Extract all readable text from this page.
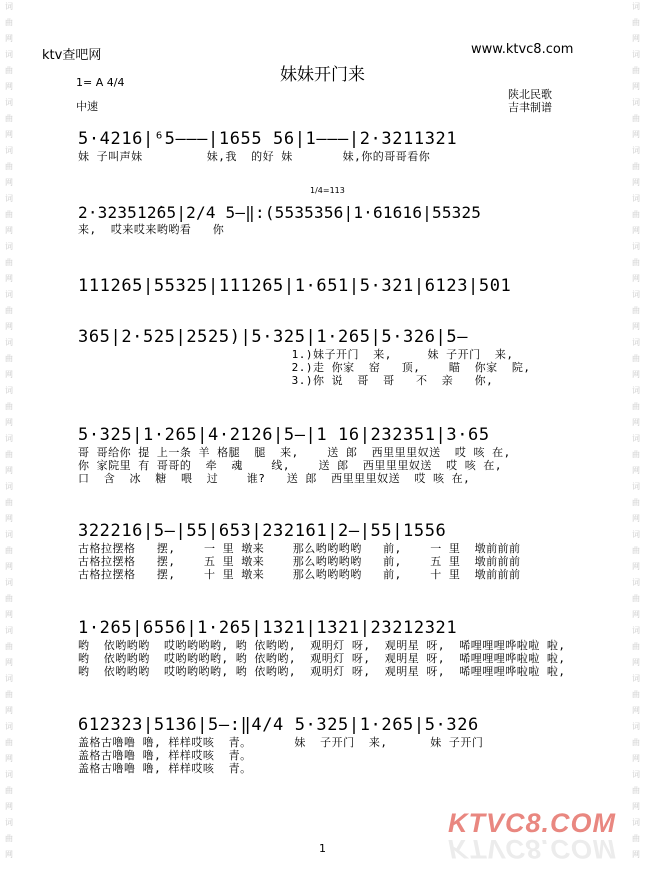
词
曲
网
词
曲
网
词
曲
网
词
曲
网
词
曲
网
词
曲
网
词
曲
网
词
曲
网
词
曲
网
词
曲
网
词
曲
网
词
曲
网
词
曲
网
词
曲
网
词
曲
网
词
曲
网
词
曲
网
词
曲
网
词
曲
网
词
曲
网
词
曲
网
词
曲
网
词
曲
网
词
曲
网
词
曲
网
词
曲
网
词
曲
网
词
曲
网
词
曲
网
词
曲
网
词
曲
网
词
曲
网
词
曲
网
词
曲
网
词
曲
网
词
曲
网
ktv查吧网	www.ktvc8.com
妹妹开门来
1= A 4/4
中速
陕北民歌
吉聿制谱
1/4=113
5·4216|⁶5———|1655 56|1———|2·3211321
妹 子叫声妹         妹,我  的好 妹       妹,你的哥哥看你
2·323512̇65|2/4 5—‖:(5535356|1·61616|55325
来,  哎来哎来哟哟看   你
111265|55325|111265|1·651|5·321|6123|501
365|2·525|2525)|5·325|1·265|5·326|5—
1.)妹子开门  来,     妹 子开门  来,
2.)走 你家  窑   顶,    瞄  你家  院,
3.)你 说  哥  哥   不  亲   你,
5·325|1·265|4·2126|5—|1 16|232351|3·65
哥 哥给你 提 上一条 羊 格腿  腿  来,    送 郎  西里里里奴送  哎 咳 在,
你 家院里 有 哥哥的  牵  魂    线,    送 郎  西里里里奴送  哎 咳 在,
口  含  冰  糖  喂  过    谁?   送 郎  西里里里奴送  哎 咳 在,
322216|5—|55|653|232161|2—|55|1556
古格拉摆格   摆,    一 里 墩来    那么哟哟哟哟   前,    一 里  墩前前前
古格拉摆格   摆,    五 里 墩来    那么哟哟哟哟   前,    五 里  墩前前前
古格拉摆格   摆,    十 里 墩来    那么哟哟哟哟   前,    十 里  墩前前前
1·265|6556|1·265|1321|1321|23212321
哟  依哟哟哟  哎哟哟哟哟, 哟 依哟哟,  观明灯 呀,  观明星 呀,  唏哩哩哩哗啦啦 啦,
哟  依哟哟哟  哎哟哟哟哟, 哟 依哟哟,  观明灯 呀,  观明星 呀,  唏哩哩哩哗啦啦 啦,
哟  依哟哟哟  哎哟哟哟哟, 哟 依哟哟,  观明灯 呀,  观明星 呀,  唏哩哩哩哗啦啦 啦,
612323|5136|5—:‖4/4 5·325|1·265|5·326
盖格古噜噜 噜, 样样哎咳  青。      妹  子开门  来,      妹 子开门
盖格古噜噜 噜, 样样哎咳  青。
盖格古噜噜 噜, 样样哎咳  青。
1
KTVC8.COM
KTVC8.COM
